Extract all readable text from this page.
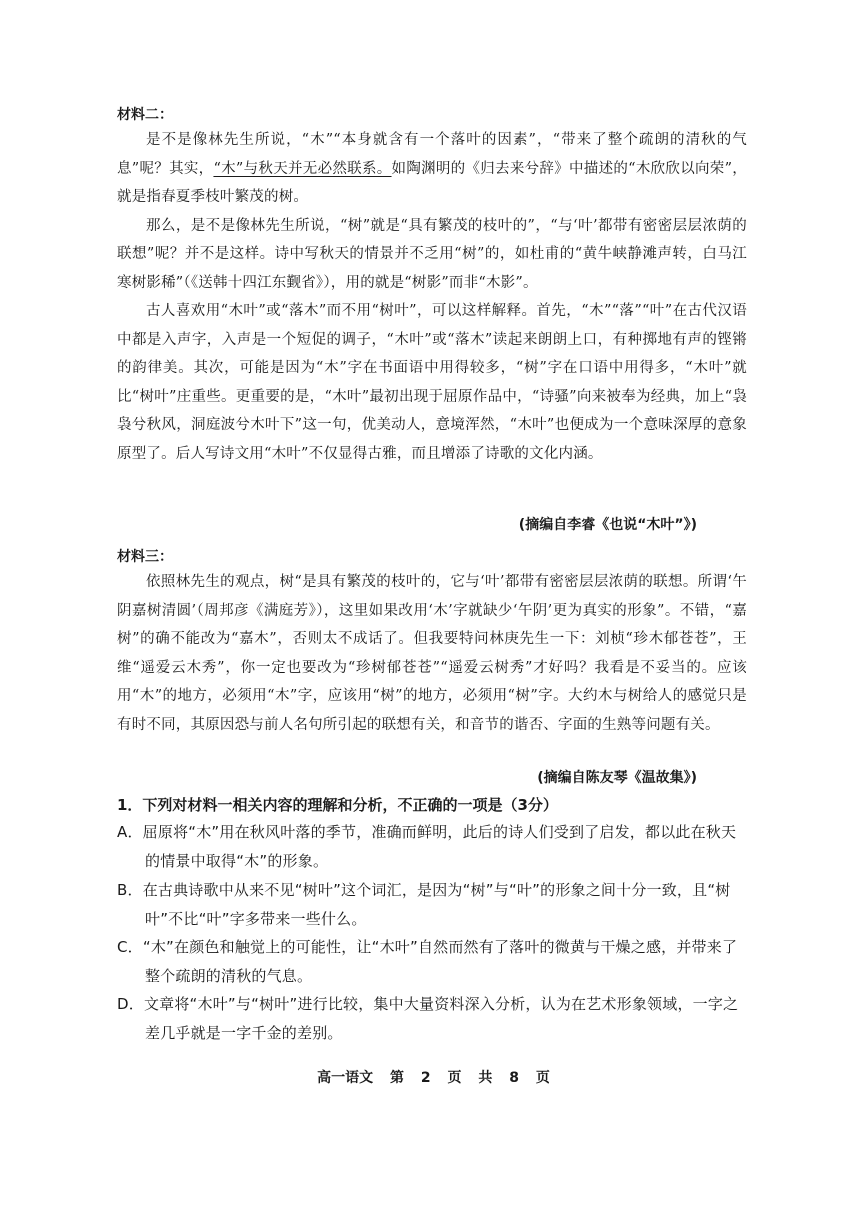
材料二：

是不是像林先生所说，“木”“本身就含有一个落叶的因素”，“带来了整个疏朗的清秋的气息”呢？其实，“木”与秋天并无必然联系。如陶渊明的《归去来兮辞》中描述的“木欣欣以向荣”，就是指春夏季枝叶繁茂的树。

那么，是不是像林先生所说，“树”就是“具有繁茂的枝叶的”，“与‘叶’都带有密密层层浓荫的联想”呢？并不是这样。诗中写秋天的情景并不乏用“树”的，如杜甫的“黄牛峡静滩声转，白马江寒树影稀”（《送韩十四江东觐省》），用的就是“树影”而非“木影”。

古人喜欢用“木叶”或“落木”而不用“树叶”，可以这样解释。首先，“木”“落”“叶”在古代汉语中都是入声字，入声是一个短促的调子，“木叶”或“落木”读起来朗朗上口，有种掷地有声的铿锵的韵律美。其次，可能是因为“木”字在书面语中用得较多，“树”字在口语中用得多，“木叶”就比“树叶”庄重些。更重要的是，“木叶”最初出现于屈原作品中，“诗骚”向来被奉为经典，加上“袅袅兮秋风，洞庭波兮木叶下”这一句，优美动人，意境浑然，“木叶”也便成为一个意味深厚的意象原型了。后人写诗文用“木叶”不仅显得古雅，而且增添了诗歌的文化内涵。

(摘编自李睿《也说“木叶”》)
材料三：

依照林先生的观点，树“是具有繁茂的枝叶的，它与‘叶’都带有密密层层浓荫的联想。所谓‘午阴嘉树清圆’（周邦彦《满庭芳》），这里如果改用‘木’字就缺少‘午阴’更为真实的形象”。不错，“嘉树”的确不能改为“嘉木”，否则太不成话了。但我要特问林庚先生一下：刘桢“珍木郁苍苍”，王维“遥爱云木秀”，你一定也要改为“珍树郁苍苍”“遥爱云树秀”才好吗？我看是不妥当的。应该用“木”的地方，必须用“木”字，应该用“树”的地方，必须用“树”字。大约木与树给人的感觉只是有时不同，其原因恐与前人名句所引起的联想有关，和音节的谐否、字面的生熟等问题有关。

(摘编自陈友琴《温故集》)
1．下列对材料一相关内容的理解和分析，不正确的一项是（3分）

A．屈原将“木”用在秋风叶落的季节，准确而鲜明，此后的诗人们受到了启发，都以此在秋天的情景中取得“木”的形象。

B．在古典诗歌中从来不见“树叶”这个词汇，是因为“树”与“叶”的形象之间十分一致，且“树叶”不比“叶”字多带来一些什么。

C．“木”在颜色和触觉上的可能性，让“木叶”自然而然有了落叶的微黄与干燥之感，并带来了整个疏朗的清秋的气息。

D．文章将“木叶”与“树叶”进行比较，集中大量资料深入分析，认为在艺术形象领域，一字之差几乎就是一字千金的差别。

高一语文 第 2 页 共 8 页
